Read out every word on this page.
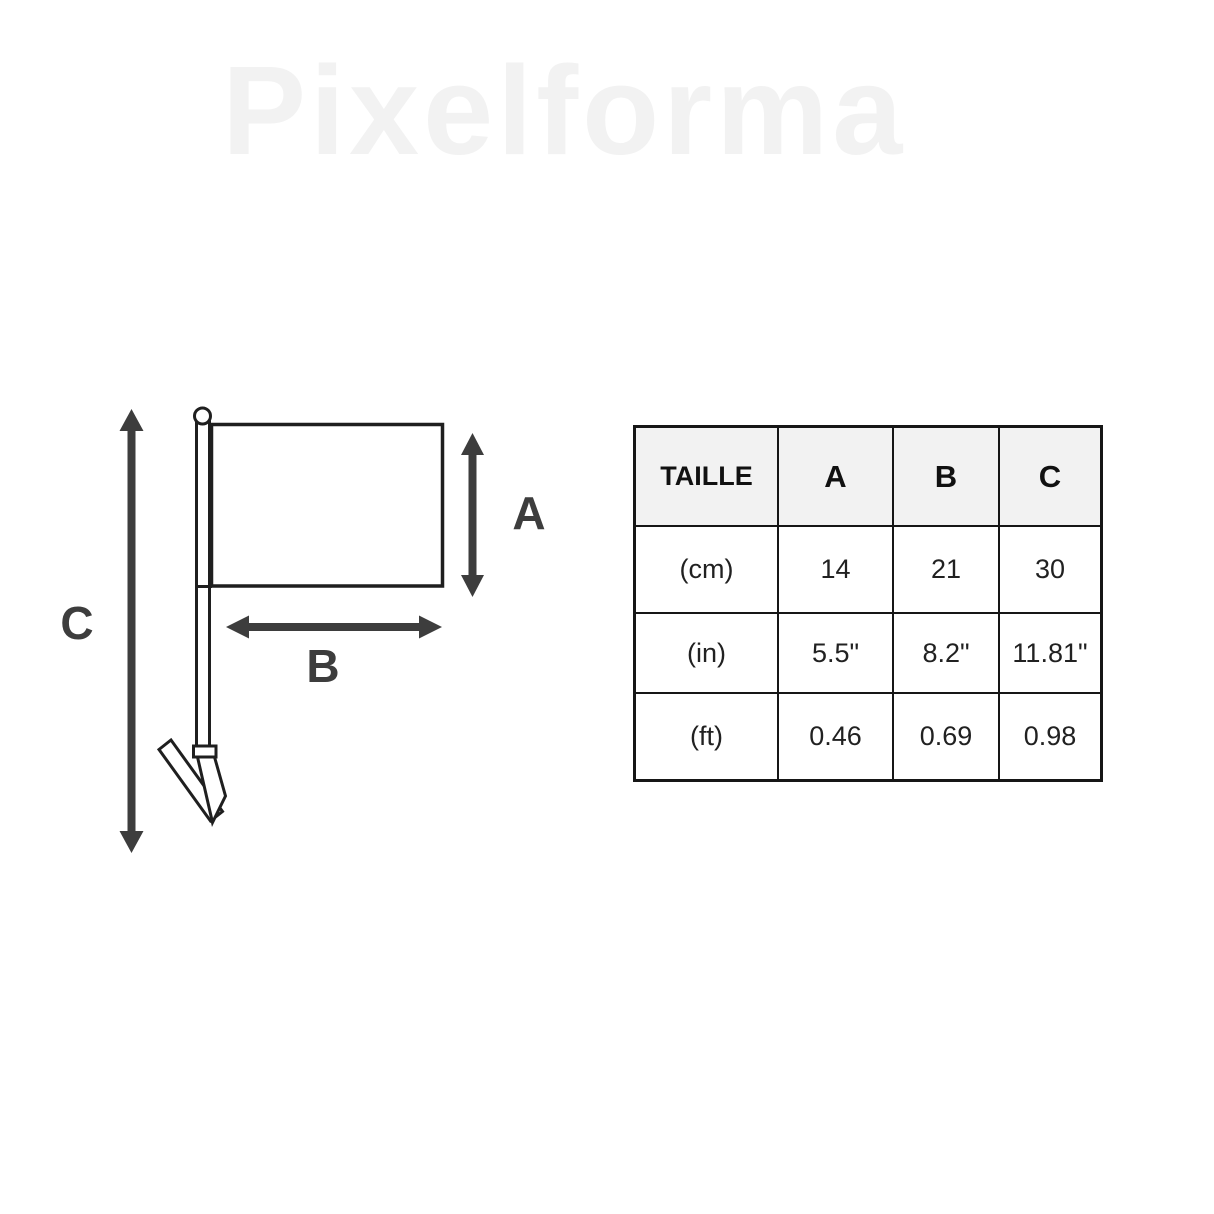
Pixelforma
A
B
C
TAILLE	A	B	C
(cm)	14	21	30
(in)	5.5"	8.2"	11.81"
(ft)	0.46	0.69	0.98
